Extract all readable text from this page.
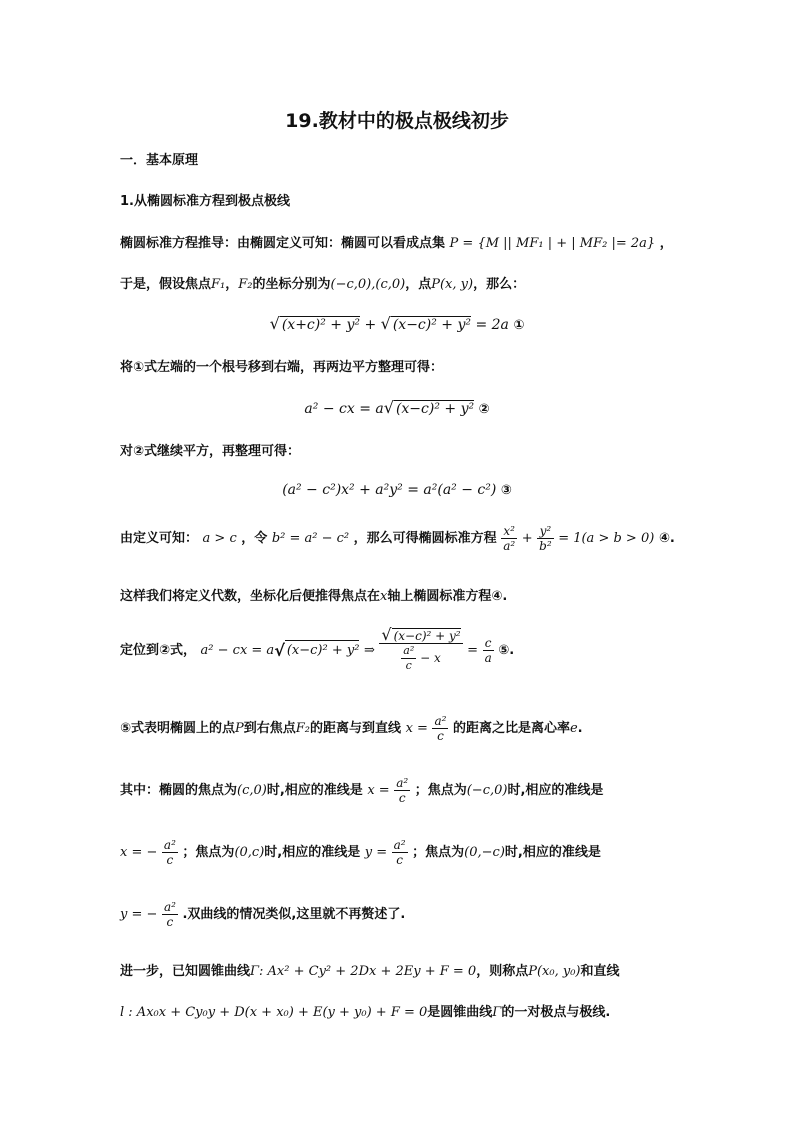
19.教材中的极点极线初步
一．基本原理
1.从椭圆标准方程到极点极线
椭圆标准方程推导：由椭圆定义可知：椭圆可以看成点集 P = {M || MF₁ | + | MF₂ |= 2a} ，
于是，假设焦点F₁，F₂的坐标分别为(−c,0),(c,0)，点P(x, y)，那么：
√ (x+c)² + y² + √ (x−c)² + y² = 2a ①
将①式左端的一个根号移到右端，再两边平方整理可得：
a² − cx = a√ (x−c)² + y² ②
对②式继续平方，再整理可得：
(a² − c²)x² + a²y² = a²(a² − c²) ③
由定义可知： a > c ，令 b² = a² − c² ，那么可得椭圆标准方程 $\frac{\text{x²}}{\text{a²}} + \frac{\text{y²}}{\text{b²}} = 1(a > b > 0)$ ④.
这样我们将定义代数，坐标化后便推得焦点在x轴上椭圆标准方程④.
定位到②式， a² − cx = a√ (x−c)² + y² ⇒ $\frac{\text{√ (x−c)² + y²}}{\frac{\text{a²}}{c} - x} = \frac{c}{a}$ ⑤.
⑤式表明椭圆上的点P到右焦点F₂的距离与到直线 $x = \frac{\text{a²}}{c}$ 的距离之比是离心率e.
其中：椭圆的焦点为(c,0)时,相应的准线是 $x = \frac{\text{a²}}{c}$ ；焦点为(−c,0)时,相应的准线是
x = − $\frac{\text{a²}}{c}$ ；焦点为(0,c)时,相应的准线是 $y = \frac{\text{a²}}{c}$ ；焦点为(0,−c)时,相应的准线是
y = − $\frac{\text{a²}}{c}$ .双曲线的情况类似,这里就不再赘述了.
进一步，已知圆锥曲线Γ: Ax² + Cy² + 2Dx + 2Ey + F = 0，则称点P(x₀, y₀)和直线
l : Ax₀x + Cy₀y + D(x + x₀) + E(y + y₀) + F = 0是圆锥曲线Γ的一对极点与极线.
